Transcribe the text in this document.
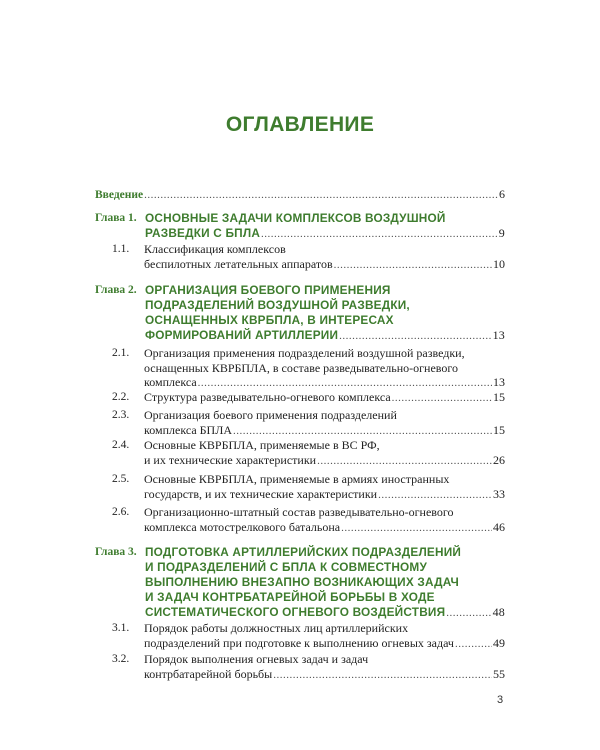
ОГЛАВЛЕНИЕ
Введение .....	6
Глава 1. ОСНОВНЫЕ ЗАДАЧИ КОМПЛЕКСОВ ВОЗДУШНОЙ
РАЗВЕДКИ С БПЛА .....	9
1.1. Классификация комплексов
беспилотных летательных аппаратов .....	10
Глава 2. ОРГАНИЗАЦИЯ БОЕВОГО ПРИМЕНЕНИЯ
ПОДРАЗДЕЛЕНИЙ ВОЗДУШНОЙ РАЗВЕДКИ,
ОСНАЩЕННЫХ КВРБПЛА, В ИНТЕРЕСАХ
ФОРМИРОВАНИЙ АРТИЛЛЕРИИ .....	13
2.1. Организация применения подразделений воздушной разведки,
оснащенных КВРБПЛА, в составе разведывательно-огневого
комплекса .....	13
2.2. Структура разведывательно-огневого комплекса .....	15
2.3. Организация боевого применения подразделений
комплекса БПЛА .....	15
2.4. Основные КВРБПЛА, применяемые в ВС РФ,
и их технические характеристики .....	26
2.5. Основные КВРБПЛА, применяемые в армиях иностранных
государств, и их технические характеристики .....	33
2.6. Организационно-штатный состав разведывательно-огневого
комплекса мотострелкового батальона .....	46
Глава 3. ПОДГОТОВКА АРТИЛЛЕРИЙСКИХ ПОДРАЗДЕЛЕНИЙ
И ПОДРАЗДЕЛЕНИЙ С БПЛА К СОВМЕСТНОМУ
ВЫПОЛНЕНИЮ ВНЕЗАПНО ВОЗНИКАЮЩИХ ЗАДАЧ
И ЗАДАЧ КОНТРБАТАРЕЙНОЙ БОРЬБЫ В ХОДЕ
СИСТЕМАТИЧЕСКОГО ОГНЕВОГО ВОЗДЕЙСТВИЯ .....	48
3.1. Порядок работы должностных лиц артиллерийских
подразделений при подготовке к выполнению огневых задач .....	49
3.2. Порядок выполнения огневых задач и задач
контрбатарейной борьбы .....	55
3
